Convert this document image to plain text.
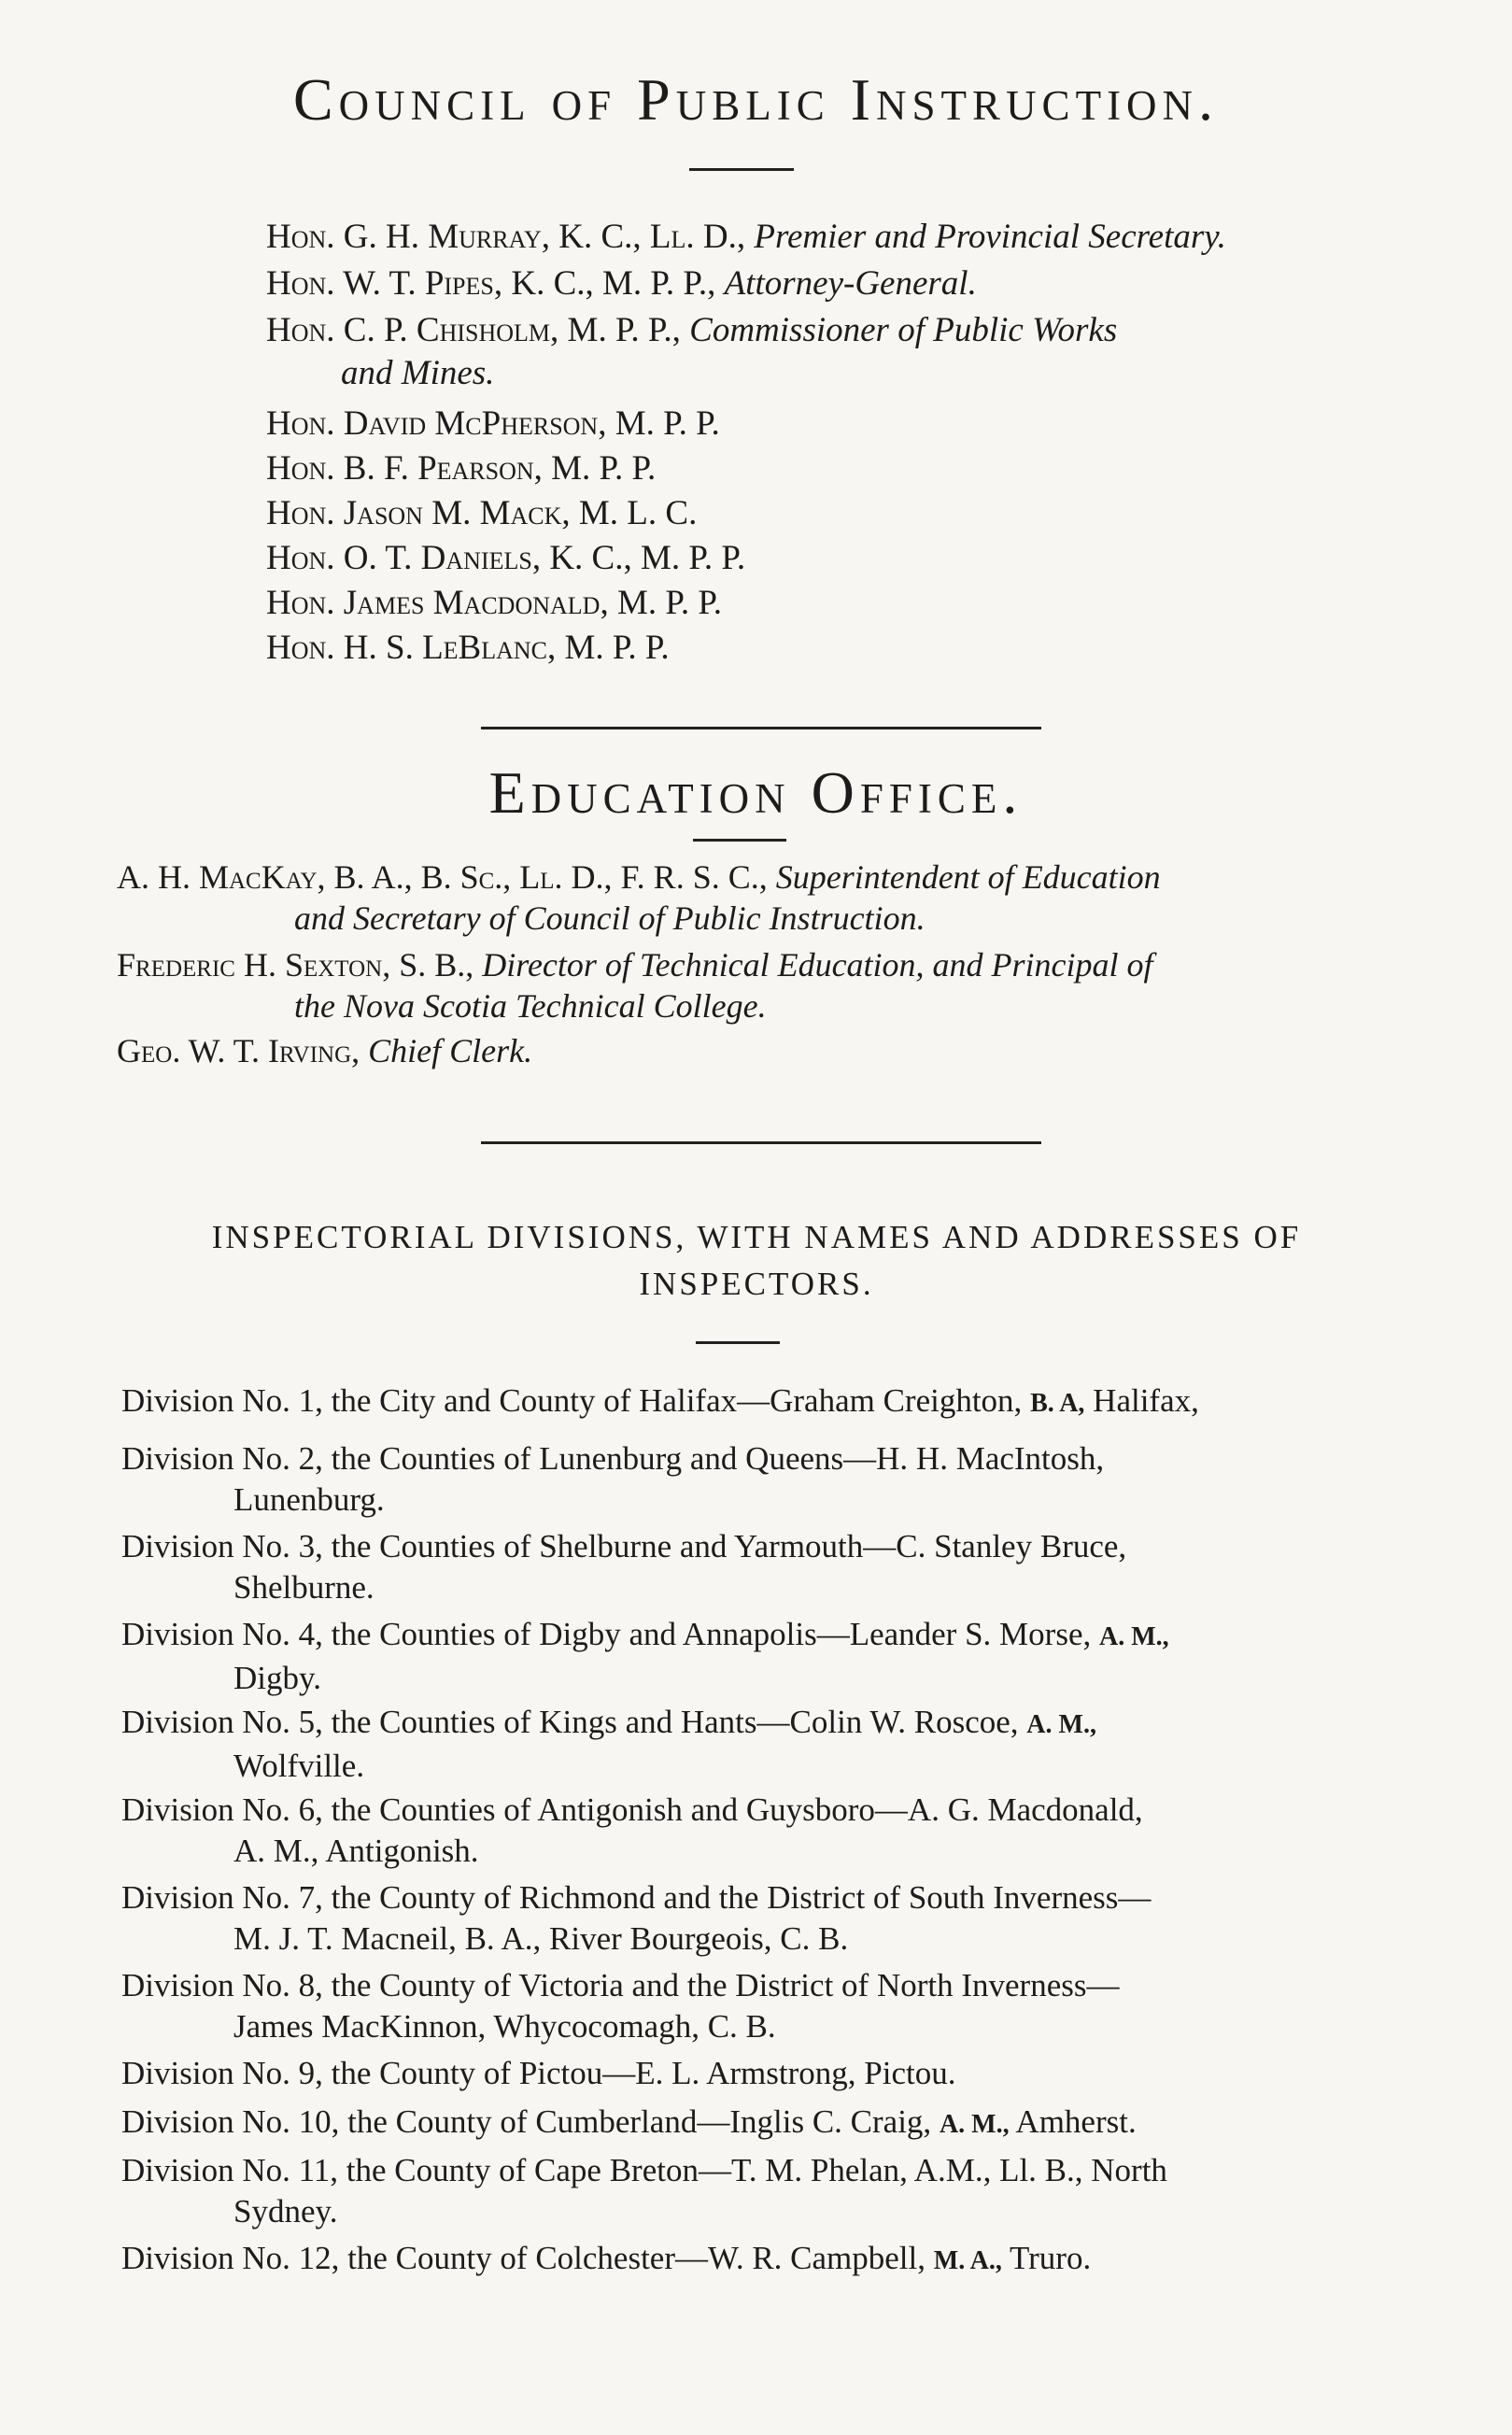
Council of Public Instruction.
Hon. G. H. Murray, K. C., Ll. D., Premier and Provincial Secretary.
Hon. W. T. Pipes, K. C., M. P. P., Attorney-General.
Hon. C. P. Chisholm, M. P. P., Commissioner of Public Works
and Mines.
Hon. David McPherson, M. P. P.
Hon. B. F. Pearson, M. P. P.
Hon. Jason M. Mack, M. L. C.
Hon. O. T. Daniels, K. C., M. P. P.
Hon. James Macdonald, M. P. P.
Hon. H. S. LeBlanc, M. P. P.
Education Office.
A. H. MacKay, B. A., B. Sc., Ll. D., F. R. S. C., Superintendent of Education
and Secretary of Council of Public Instruction.
Frederic H. Sexton, S. B., Director of Technical Education, and Principal of
the Nova Scotia Technical College.
Geo. W. T. Irving, Chief Clerk.
INSPECTORIAL DIVISIONS, WITH NAMES AND ADDRESSES OF
INSPECTORS.
Division No. 1, the City and County of Halifax—Graham Creighton, B. A, Halifax,
Division No. 2, the Counties of Lunenburg and Queens—H. H. MacIntosh,
Lunenburg.
Division No. 3, the Counties of Shelburne and Yarmouth—C. Stanley Bruce,
Shelburne.
Division No. 4, the Counties of Digby and Annapolis—Leander S. Morse, A. M.,
Digby.
Division No. 5, the Counties of Kings and Hants—Colin W. Roscoe, A. M.,
Wolfville.
Division No. 6, the Counties of Antigonish and Guysboro—A. G. Macdonald,
A. M., Antigonish.
Division No. 7, the County of Richmond and the District of South Inverness—
M. J. T. Macneil, B. A., River Bourgeois, C. B.
Division No. 8, the County of Victoria and the District of North Inverness—
James MacKinnon, Whycocomagh, C. B.
Division No. 9, the County of Pictou—E. L. Armstrong, Pictou.
Division No. 10, the County of Cumberland—Inglis C. Craig, A. M., Amherst.
Division No. 11, the County of Cape Breton—T. M. Phelan, A.M., Ll. B., North
Sydney.
Division No. 12, the County of Colchester—W. R. Campbell, M. A., Truro.
